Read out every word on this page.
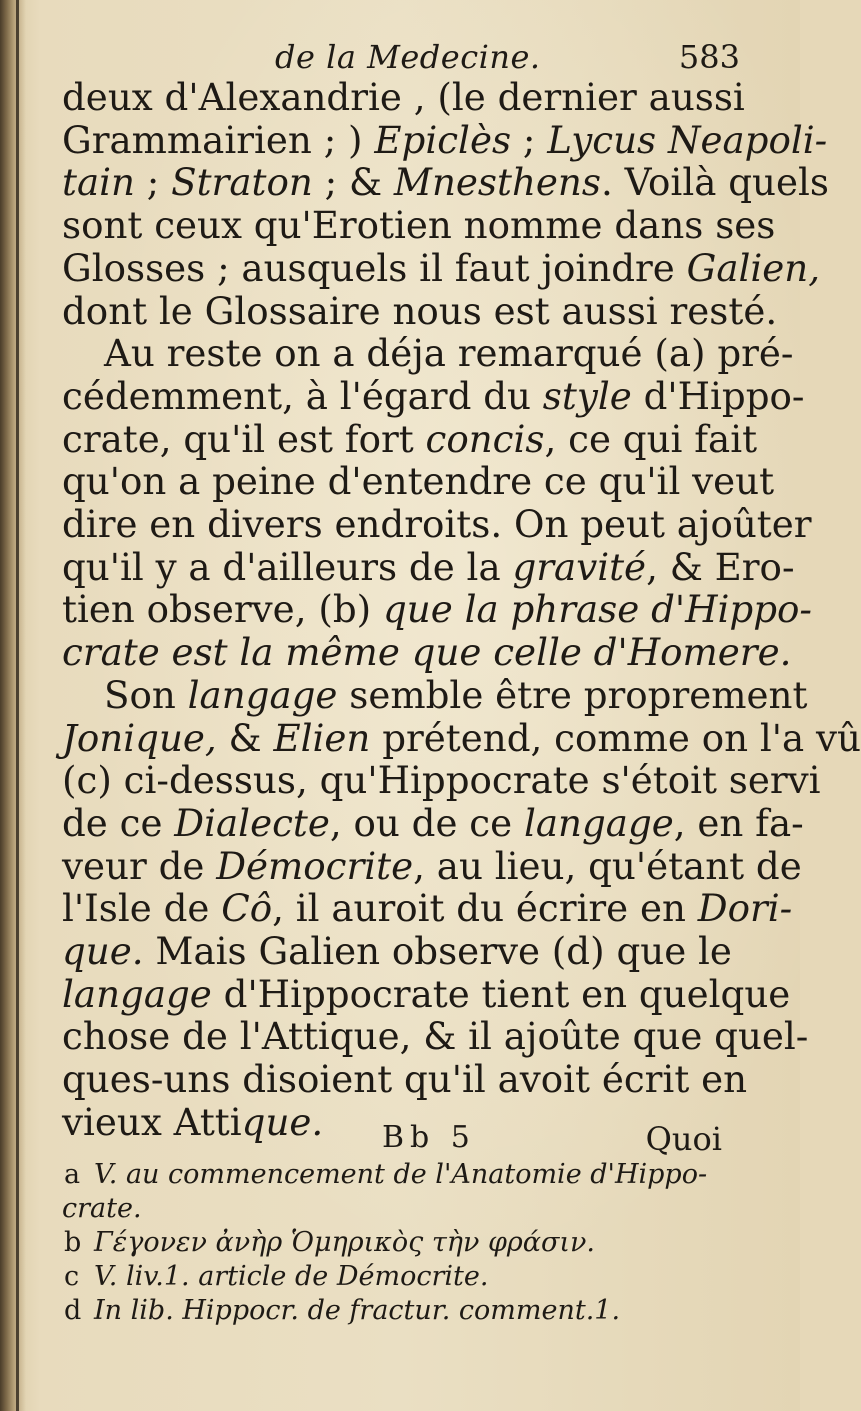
de la Medecine.	583
deux d'Alexandrie , (le dernier aussi
Grammairien ; ) Epiclès ; Lycus Neapoli-
tain ; Straton ; & Mnesthens. Voilà quels
sont ceux qu'Erotien nomme dans ses
Glosses ; ausquels il faut joindre Galien,
dont le Glossaire nous est aussi resté.
Au reste on a déja remarqué (a) pré-
cédemment, à l'égard du style d'Hippo-
crate, qu'il est fort concis, ce qui fait
qu'on a peine d'entendre ce qu'il veut
dire en divers endroits. On peut ajoûter
qu'il y a d'ailleurs de la gravité, & Ero-
tien observe, (b) que la phrase d'Hippo-
crate est la même que celle d'Homere.
Son langage semble être proprement
Jonique, & Elien prétend, comme on l'a vû
(c) ci-dessus, qu'Hippocrate s'étoit servi
de ce Dialecte, ou de ce langage, en fa-
veur de Démocrite, au lieu, qu'étant de
l'Isle de Cô, il auroit du écrire en Dori-
que. Mais Galien observe (d) que le
langage d'Hippocrate tient en quelque
chose de l'Attique, & il ajoûte que quel-
ques-uns disoient qu'il avoit écrit en
vieux Attique.	Bb 5	Quoi
a V. au commencement de l'Anatomie d'Hippo-
crate.
b Γέγονεν ἀνὴρ Ὁμηρικὸς τὴν φράσιν.
c V. liv.1. article de Démocrite.
d In lib. Hippocr. de fractur. comment.1.
